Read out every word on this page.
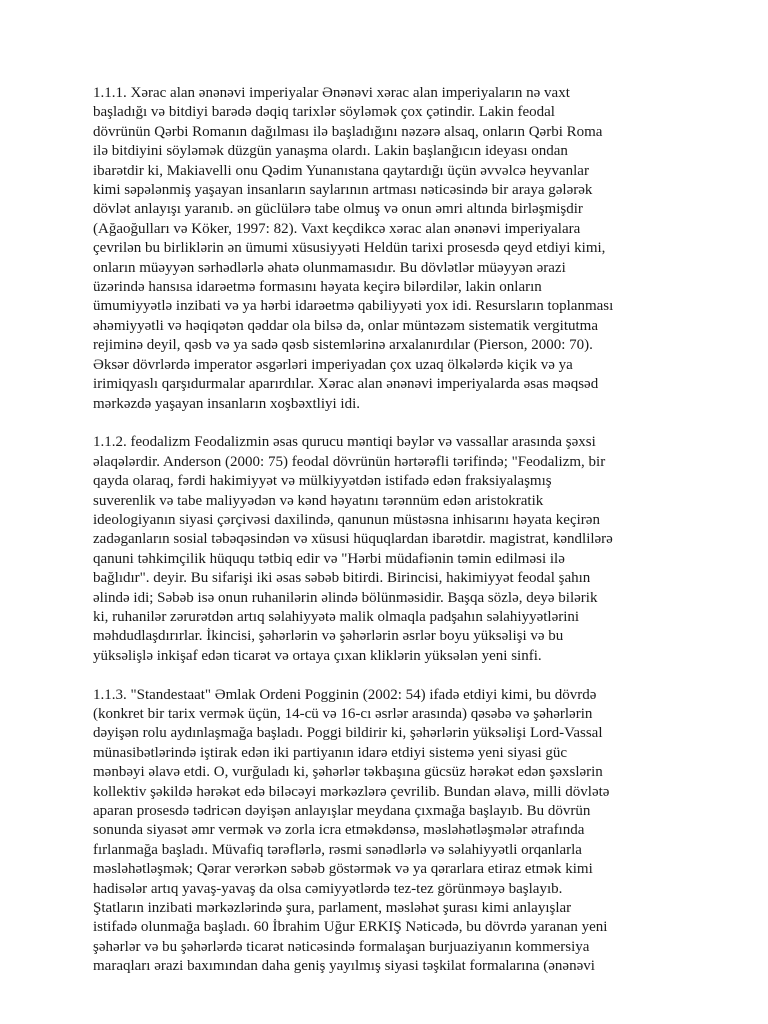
1.1.1. Xərac alan ənənəvi imperiyalar Ənənəvi xərac alan imperiyaların nə vaxt
başladığı və bitdiyi barədə dəqiq tarixlər söyləmək çox çətindir. Lakin feodal
dövrünün Qərbi Romanın dağılması ilə başladığını nəzərə alsaq, onların Qərbi Roma
ilə bitdiyini söyləmək düzgün yanaşma olardı. Lakin başlanğıcın ideyası ondan
ibarətdir ki, Makiavelli onu Qədim Yunanıstana qaytardığı üçün əvvəlcə heyvanlar
kimi səpələnmiş yaşayan insanların saylarının artması nəticəsində bir araya gələrək
dövlət anlayışı yaranıb. ən güclülərə tabe olmuş və onun əmri altında birləşmişdir
(Ağaoğulları və Köker, 1997: 82). Vaxt keçdikcə xərac alan ənənəvi imperiyalara
çevrilən bu birliklərin ən ümumi xüsusiyyəti Heldün tarixi prosesdə qeyd etdiyi kimi,
onların müəyyən sərhədlərlə əhatə olunmamasıdır. Bu dövlətlər müəyyən ərazi
üzərində hansısa idarəetmə formasını həyata keçirə bilərdilər, lakin onların
ümumiyyətlə inzibati və ya hərbi idarəetmə qabiliyyəti yox idi. Resursların toplanması
əhəmiyyətli və həqiqətən qəddar ola bilsə də, onlar müntəzəm sistematik vergitutma
rejiminə deyil, qəsb və ya sadə qəsb sistemlərinə arxalanırdılar (Pierson, 2000: 70).
Əksər dövrlərdə imperator əsgərləri imperiyadan çox uzaq ölkələrdə kiçik və ya
irimiqyaslı qarşıdurmalar aparırdılar. Xərac alan ənənəvi imperiyalarda əsas məqsəd
mərkəzdə yaşayan insanların xoşbəxtliyi idi.

1.1.2. feodalizm Feodalizmin əsas qurucu məntiqi bəylər və vassallar arasında şəxsi
əlaqələrdir. Anderson (2000: 75) feodal dövrünün hərtərəfli tərifində; "Feodalizm, bir
qayda olaraq, fərdi hakimiyyət və mülkiyyətdən istifadə edən fraksiyalaşmış
suverenlik və tabe maliyyədən və kənd həyatını tərənnüm edən aristokratik
ideologiyanın siyasi çərçivəsi daxilində, qanunun müstəsna inhisarını həyata keçirən
zadəganların sosial təbəqəsindən və xüsusi hüquqlardan ibarətdir. magistrat, kəndlilərə
qanuni təhkimçilik hüququ tətbiq edir və "Hərbi müdafiənin təmin edilməsi ilə
bağlıdır". deyir. Bu sifarişi iki əsas səbəb bitirdi. Birincisi, hakimiyyət feodal şahın
əlində idi; Səbəb isə onun ruhanilərin əlində bölünməsidir. Başqa sözlə, deyə bilərik
ki, ruhanilər zərurətdən artıq səlahiyyətə malik olmaqla padşahın səlahiyyətlərini
məhdudlaşdırırlar. İkincisi, şəhərlərin və şəhərlərin əsrlər boyu yüksəlişi və bu
yüksəlişlə inkişaf edən ticarət və ortaya çıxan kliklərin yüksələn yeni sinfi.

1.1.3. "Standestaat" Əmlak Ordeni Pogginin (2002: 54) ifadə etdiyi kimi, bu dövrdə
(konkret bir tarix vermək üçün, 14-cü və 16-cı əsrlər arasında) qəsəbə və şəhərlərin
dəyişən rolu aydınlaşmağa başladı. Poggi bildirir ki, şəhərlərin yüksəlişi Lord-Vassal
münasibətlərində iştirak edən iki partiyanın idarə etdiyi sistemə yeni siyasi güc
mənbəyi əlavə etdi. O, vurğuladı ki, şəhərlər təkbaşına gücsüz hərəkət edən şəxslərin
kollektiv şəkildə hərəkət edə biləcəyi mərkəzlərə çevrilib. Bundan əlavə, milli dövlətə
aparan prosesdə tədricən dəyişən anlayışlar meydana çıxmağa başlayıb. Bu dövrün
sonunda siyasət əmr vermək və zorla icra etməkdənsə, məsləhətləşmələr ətrafında
fırlanmağa başladı. Müvafiq tərəflərlə, rəsmi sənədlərlə və səlahiyyətli orqanlarla
məsləhətləşmək; Qərar verərkən səbəb göstərmək və ya qərarlara etiraz etmək kimi
hadisələr artıq yavaş-yavaş da olsa cəmiyyətlərdə tez-tez görünməyə başlayıb.
Ştatların inzibati mərkəzlərində şura, parlament, məsləhət şurası kimi anlayışlar
istifadə olunmağa başladı. 60 İbrahim Uğur ERKIŞ Nəticədə, bu dövrdə yaranan yeni
şəhərlər və bu şəhərlərdə ticarət nəticəsində formalaşan burjuaziyanın kommersiya
maraqları ərazi baxımından daha geniş yayılmış siyasi təşkilat formalarına (ənənəvi
